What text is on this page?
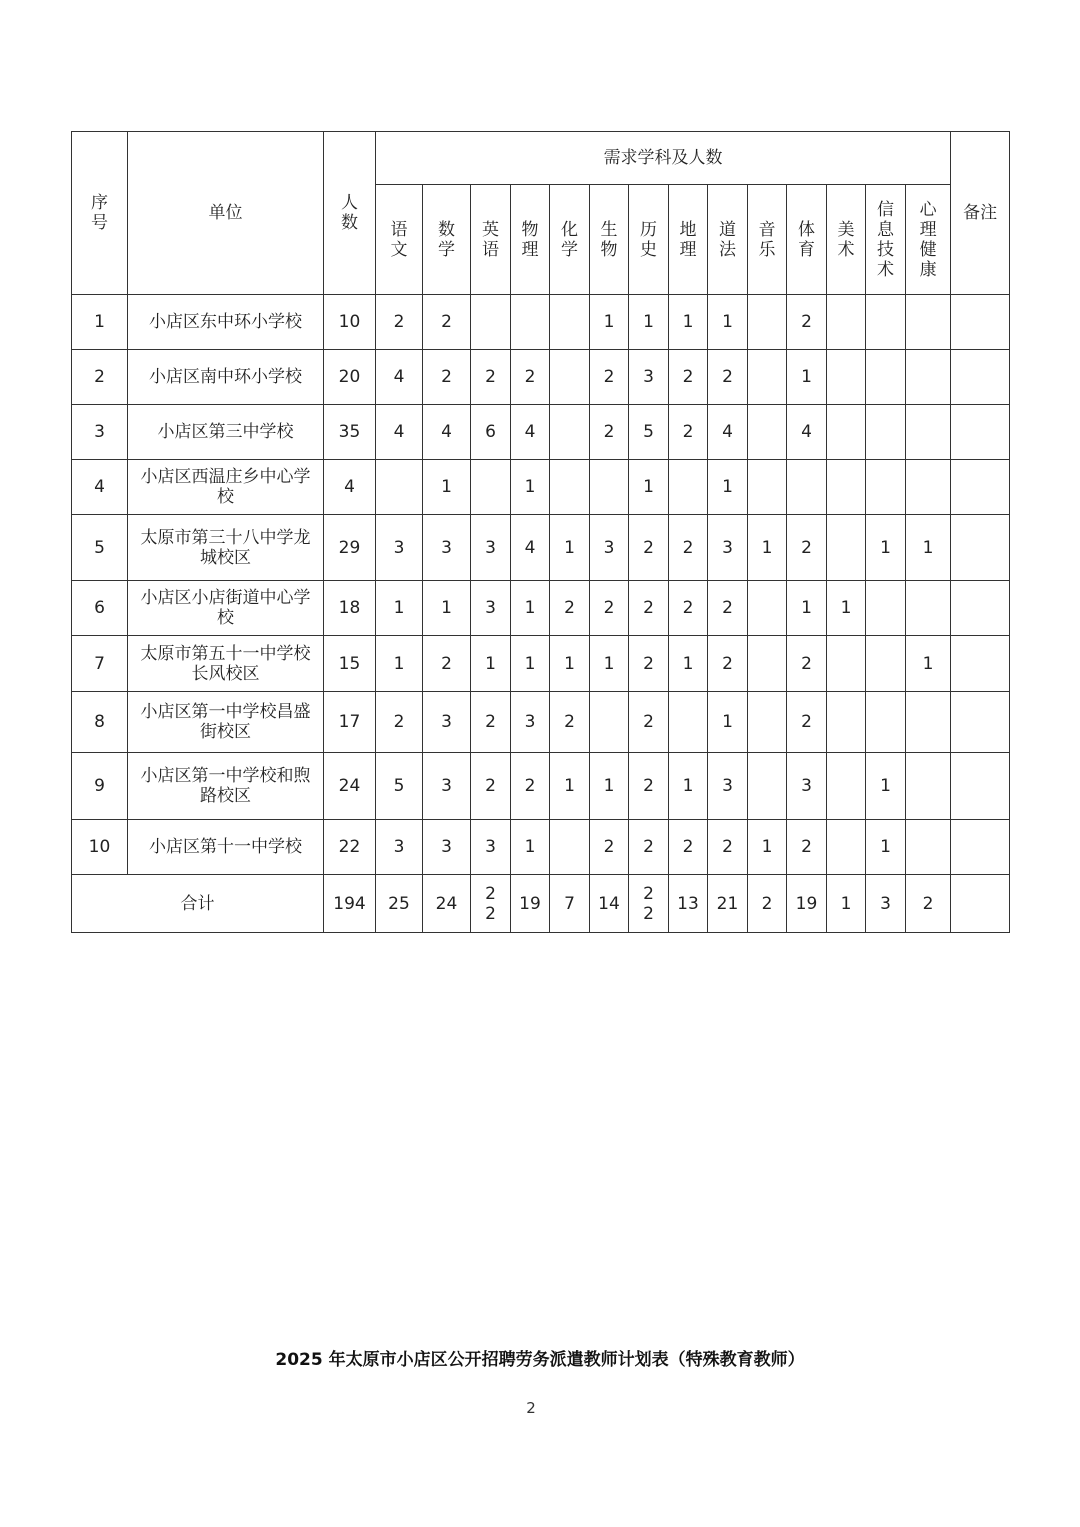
序号	单位	人数	需求学科及人数														备注
			语文	数学	英语	物理	化学	生物	历史	地理	道法	音乐	体育	美术	信息技术	心理健康	
1	小店区东中环小学校	10	2	2				1	1	1	1		2				
2	小店区南中环小学校	20	4	2	2	2		2	3	2	2		1				
3	小店区第三中学校	35	4	4	6	4		2	5	2	4		4				
4	小店区西温庄乡中心学校	4		1		1			1		1						
5	太原市第三十八中学龙城校区	29	3	3	3	4	1	3	2	2	3	1	2		1	1	
6	小店区小店街道中心学校	18	1	1	3	1	2	2	2	2	2		1	1			
7	太原市第五十一中学校长风校区	15	1	2	1	1	1	1	2	1	2		2			1	
8	小店区第一中学校昌盛街校区	17	2	3	2	3	2		2		1		2				
9	小店区第一中学校和煦路校区	24	5	3	2	2	1	1	2	1	3		3		1		
10	小店区第十一中学校	22	3	3	3	1		2	2	2	2	1	2		1		
合计		194	25	24	22	19	7	14	22	13	21	2	19	1	3	2	
2025 年太原市小店区公开招聘劳务派遣教师计划表（特殊教育教师）
2
